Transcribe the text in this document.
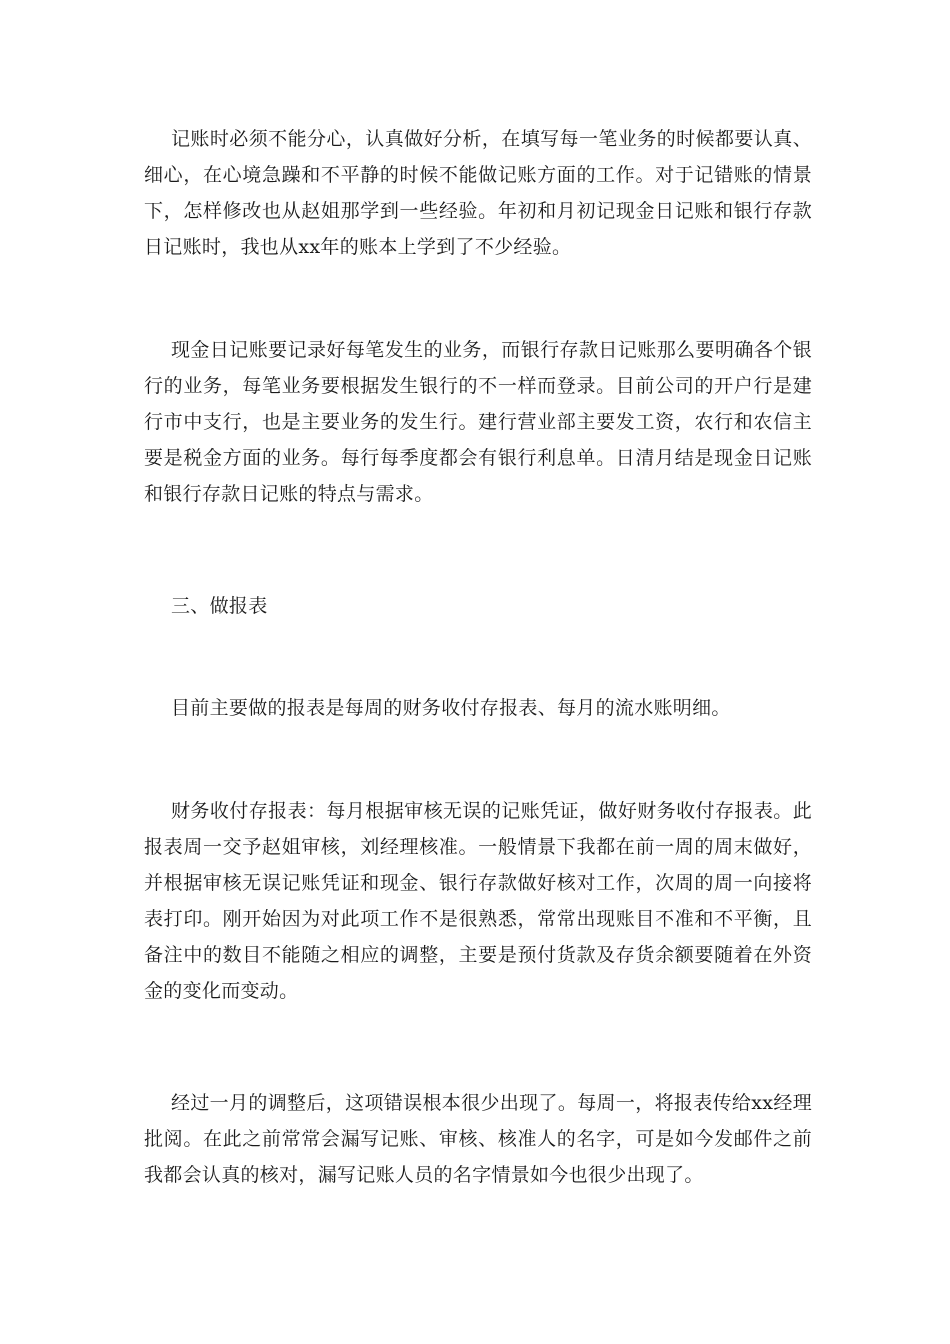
记账时必须不能分心，认真做好分析，在填写每一笔业务的时候都要认真、细心，在心境急躁和不平静的时候不能做记账方面的工作。对于记错账的情景下，怎样修改也从赵姐那学到一些经验。年初和月初记现金日记账和银行存款日记账时，我也从xx年的账本上学到了不少经验。

现金日记账要记录好每笔发生的业务，而银行存款日记账那么要明确各个银行的业务，每笔业务要根据发生银行的不一样而登录。目前公司的开户行是建行市中支行，也是主要业务的发生行。建行营业部主要发工资，农行和农信主要是税金方面的业务。每行每季度都会有银行利息单。日清月结是现金日记账和银行存款日记账的特点与需求。

三、做报表

目前主要做的报表是每周的财务收付存报表、每月的流水账明细。

财务收付存报表：每月根据审核无误的记账凭证，做好财务收付存报表。此报表周一交予赵姐审核，刘经理核准。一般情景下我都在前一周的周末做好，并根据审核无误记账凭证和现金、银行存款做好核对工作，次周的周一向接将表打印。刚开始因为对此项工作不是很熟悉，常常出现账目不准和不平衡，且备注中的数目不能随之相应的调整，主要是预付货款及存货余额要随着在外资金的变化而变动。

经过一月的调整后，这项错误根本很少出现了。每周一，将报表传给xx经理批阅。在此之前常常会漏写记账、审核、核准人的名字，可是如今发邮件之前我都会认真的核对，漏写记账人员的名字情景如今也很少出现了。
